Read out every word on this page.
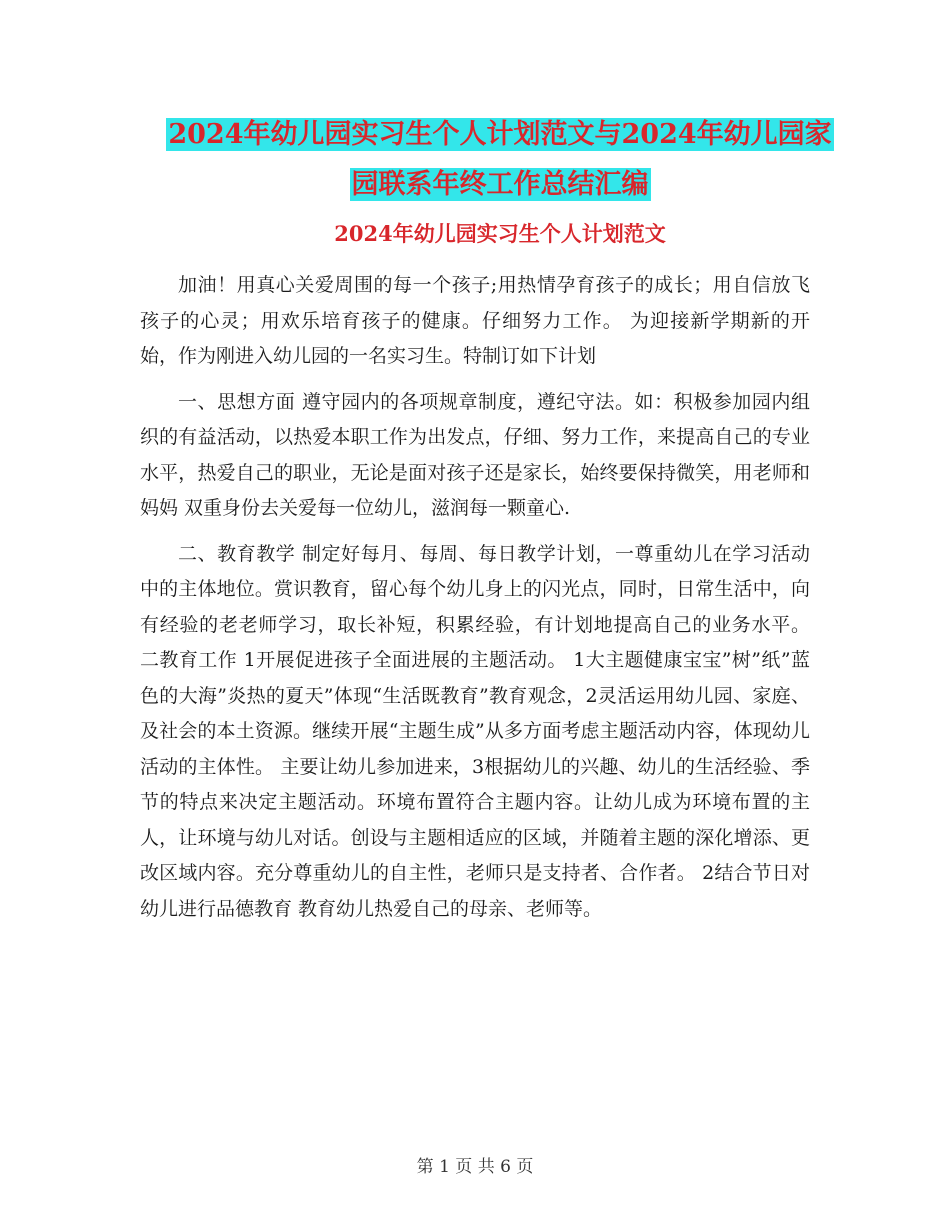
2024年幼儿园实习生个人计划范文与2024年幼儿园家
园联系年终工作总结汇编
2024年幼儿园实习生个人计划范文

加油！用真心关爱周围的每一个孩子;用热情孕育孩子的成长；用自信放飞孩子的心灵；用欢乐培育孩子的健康。仔细努力工作。 为迎接新学期新的开始，作为刚进入幼儿园的一名实习生。特制订如下计划

一、思想方面 遵守园内的各项规章制度，遵纪守法。如：积极参加园内组织的有益活动，以热爱本职工作为出发点，仔细、努力工作，来提高自己的专业水平，热爱自己的职业，无论是面对孩子还是家长，始终要保持微笑，用老师和 妈妈 双重身份去关爱每一位幼儿，滋润每一颗童心.

二、教育教学 制定好每月、每周、每日教学计划，一尊重幼儿在学习活动中的主体地位。赏识教育，留心每个幼儿身上的闪光点，同时，日常生活中，向有经验的老老师学习，取长补短，积累经验，有计划地提高自己的业务水平。 二教育工作 1开展促进孩子全面进展的主题活动。 1大主题健康宝宝”树”纸”蓝色的大海”炎热的夏天”体现“生活既教育”教育观念，2灵活运用幼儿园、家庭、及社会的本土资源。继续开展“主题生成”从多方面考虑主题活动内容，体现幼儿活动的主体性。 主要让幼儿参加进来，3根据幼儿的兴趣、幼儿的生活经验、季节的特点来决定主题活动。环境布置符合主题内容。让幼儿成为环境布置的主人，让环境与幼儿对话。创设与主题相适应的区域，并随着主题的深化增添、更改区域内容。充分尊重幼儿的自主性，老师只是支持者、合作者。 2结合节日对幼儿进行品德教育 教育幼儿热爱自己的母亲、老师等。

第 1 页 共 6 页
